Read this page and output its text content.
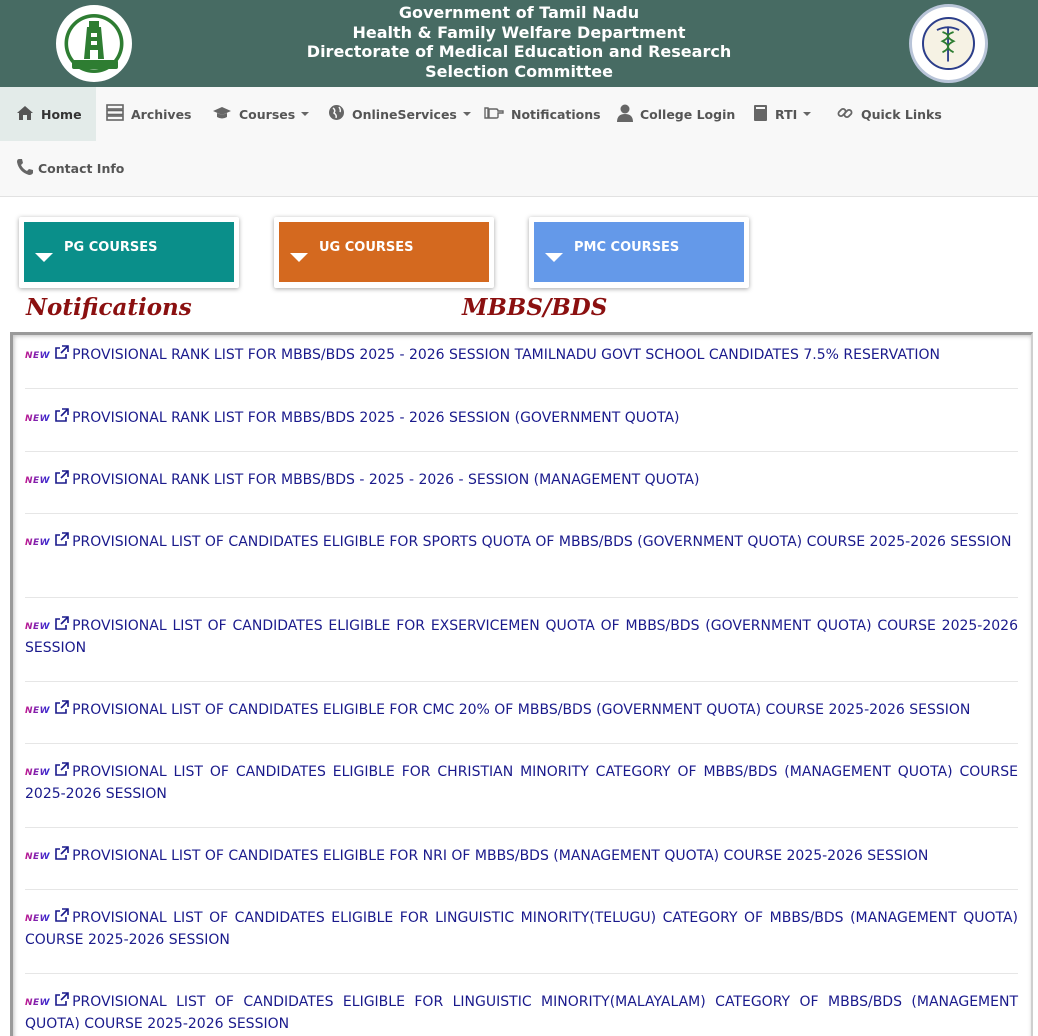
Government of Tamil Nadu
Health & Family Welfare Department
Directorate of Medical Education and Research
Selection Committee
Home	Archives	Courses	OnlineServices	Notifications	College Login	RTI	Quick Links
Contact Info
PG COURSES	UG COURSES	PMC COURSES
Notifications	MBBS/BDS
NEW PROVISIONAL RANK LIST FOR MBBS/BDS 2025 - 2026 SESSION TAMILNADU GOVT SCHOOL CANDIDATES 7.5% RESERVATION
NEW PROVISIONAL RANK LIST FOR MBBS/BDS 2025 - 2026 SESSION (GOVERNMENT QUOTA)
NEW PROVISIONAL RANK LIST FOR MBBS/BDS - 2025 - 2026 - SESSION (MANAGEMENT QUOTA)
NEW PROVISIONAL LIST OF CANDIDATES ELIGIBLE FOR SPORTS QUOTA OF MBBS/BDS (GOVERNMENT QUOTA) COURSE 2025-2026 SESSION
NEW PROVISIONAL LIST OF CANDIDATES ELIGIBLE FOR EXSERVICEMEN QUOTA OF MBBS/BDS (GOVERNMENT QUOTA) COURSE 2025-2026 SESSION
NEW PROVISIONAL LIST OF CANDIDATES ELIGIBLE FOR CMC 20% OF MBBS/BDS (GOVERNMENT QUOTA) COURSE 2025-2026 SESSION
NEW PROVISIONAL LIST OF CANDIDATES ELIGIBLE FOR CHRISTIAN MINORITY CATEGORY OF MBBS/BDS (MANAGEMENT QUOTA) COURSE 2025-2026 SESSION
NEW PROVISIONAL LIST OF CANDIDATES ELIGIBLE FOR NRI OF MBBS/BDS (MANAGEMENT QUOTA) COURSE 2025-2026 SESSION
NEW PROVISIONAL LIST OF CANDIDATES ELIGIBLE FOR LINGUISTIC MINORITY(TELUGU) CATEGORY OF MBBS/BDS (MANAGEMENT QUOTA) COURSE 2025-2026 SESSION
NEW PROVISIONAL LIST OF CANDIDATES ELIGIBLE FOR LINGUISTIC MINORITY(MALAYALAM) CATEGORY OF MBBS/BDS (MANAGEMENT QUOTA) COURSE 2025-2026 SESSION
